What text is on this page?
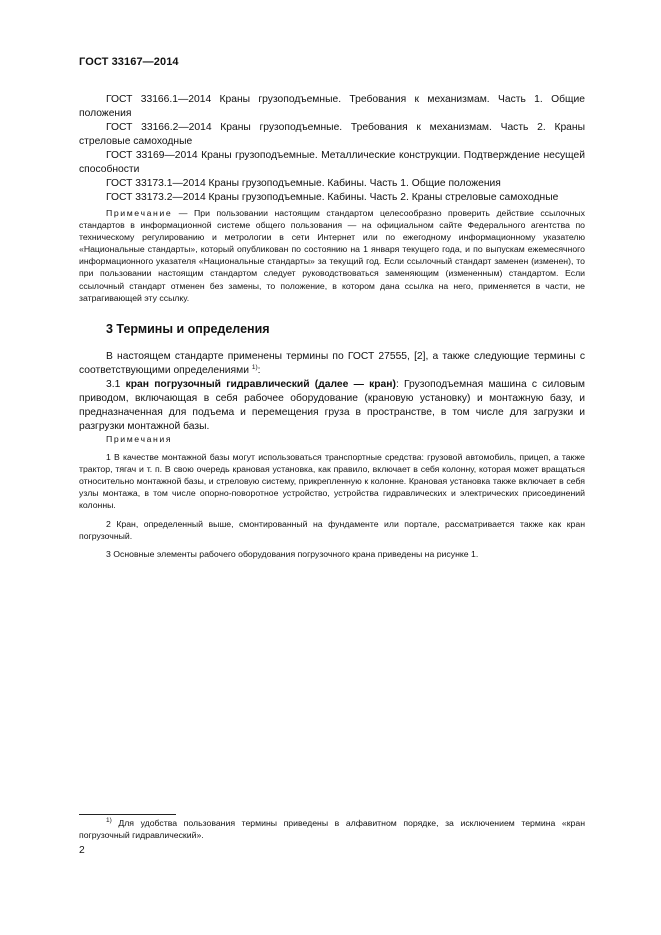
ГОСТ 33167—2014

ГОСТ 33166.1—2014 Краны грузоподъемные. Требования к механизмам. Часть 1. Общие положения

ГОСТ 33166.2—2014 Краны грузоподъемные. Требования к механизмам. Часть 2. Краны стреловые самоходные

ГОСТ 33169—2014 Краны грузоподъемные. Металлические конструкции. Подтверждение несущей способности

ГОСТ 33173.1—2014 Краны грузоподъемные. Кабины. Часть 1. Общие положения

ГОСТ 33173.2—2014 Краны грузоподъемные. Кабины. Часть 2. Краны стреловые самоходные

Примечание — При пользовании настоящим стандартом целесообразно проверить действие ссылочных стандартов в информационной системе общего пользования — на официальном сайте Федерального агентства по техническому регулированию и метрологии в сети Интернет или по ежегодному информационному указателю «Национальные стандарты», который опубликован по состоянию на 1 января текущего года, и по выпускам ежемесячного информационного указателя «Национальные стандарты» за текущий год. Если ссылочный стандарт заменен (изменен), то при пользовании настоящим стандартом следует руководствоваться заменяющим (измененным) стандартом. Если ссылочный стандарт отменен без замены, то положение, в котором дана ссылка на него, применяется в части, не затрагивающей эту ссылку.

3 Термины и определения

В настоящем стандарте применены термины по ГОСТ 27555, [2], а также следующие термины с соответствующими определениями $^{1)}$:

3.1 кран погрузочный гидравлический (далее — кран): Грузоподъемная машина с силовым приводом, включающая в себя рабочее оборудование (крановую установку) и монтажную базу, и предназначенная для подъема и перемещения груза в пространстве, в том числе для загрузки и разгрузки монтажной базы.

Примечания

1 В качестве монтажной базы могут использоваться транспортные средства: грузовой автомобиль, прицеп, а также трактор, тягач и т. п. В свою очередь крановая установка, как правило, включает в себя колонну, которая может вращаться относительно монтажной базы, и стреловую систему, прикрепленную к колонне. Крановая установка также включает в себя узлы монтажа, в том числе опорно-поворотное устройство, устройства гидравлических и электрических присоединений колонны.

2 Кран, определенный выше, смонтированный на фундаменте или портале, рассматривается также как кран погрузочный.

3 Основные элементы рабочего оборудования погрузочного крана приведены на рисунке 1.

$^{1)}$ Для удобства пользования термины приведены в алфавитном порядке, за исключением термина «кран погрузочный гидравлический».

2
